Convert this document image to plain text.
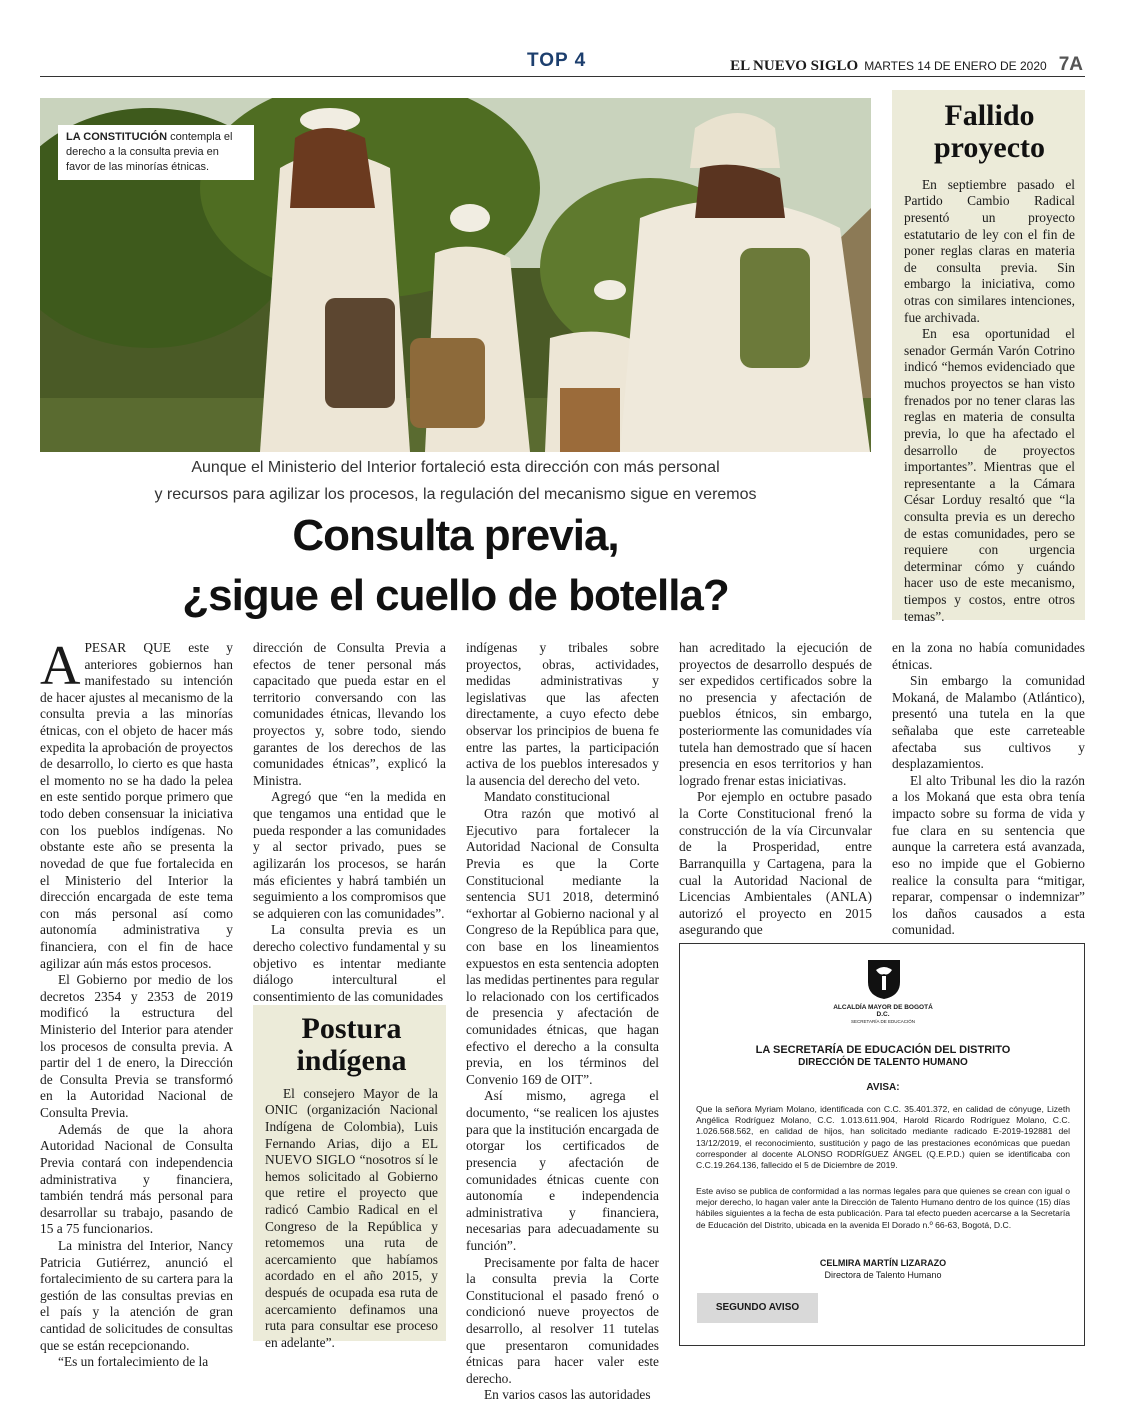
TOP 4	EL NUEVO SIGLO MARTES 14 DE ENERO DE 2020 7A
LA CONSTITUCIÓN contempla el derecho a la consulta previa en favor de las minorías étnicas.
Aunque el Ministerio del Interior fortaleció esta dirección con más personal
y recursos para agilizar los procesos, la regulación del mecanismo sigue en veremos
Consulta previa,
¿sigue el cuello de botella?
Fallido
proyecto

En septiembre pasado el Partido Cambio Radical presentó un proyecto estatutario de ley con el fin de poner reglas claras en materia de consulta previa. Sin embargo la iniciativa, como otras con similares intenciones, fue archivada.

En esa oportunidad el senador Germán Varón Cotrino indicó “hemos evidenciado que muchos proyectos se han visto frenados por no tener claras las reglas en materia de consulta previa, lo que ha afectado el desarrollo de proyectos importantes”. Mientras que el representante a la Cámara César Lorduy resaltó que “la consulta previa es un derecho de estas comunidades, pero se requiere con urgencia determinar cómo y cuándo hacer uso de este mecanismo, tiempos y costos, entre otros temas”.

APESAR QUE este y anteriores gobiernos han manifestado su intención de hacer ajustes al mecanismo de la consulta previa a las minorías étnicas, con el objeto de hacer más expedita la aprobación de proyectos de desarrollo, lo cierto es que hasta el momento no se ha dado la pelea en este sentido porque primero que todo deben consensuar la iniciativa con los pueblos indígenas. No obstante este año se presenta la novedad de que fue fortalecida en el Ministerio del Interior la dirección encargada de este tema con más personal así como autonomía administrativa y financiera, con el fin de hace agilizar aún más estos procesos.

El Gobierno por medio de los decretos 2354 y 2353 de 2019 modificó la estructura del Ministerio del Interior para atender los procesos de consulta previa. A partir del 1 de enero, la Dirección de Consulta Previa se transformó en la Autoridad Nacional de Consulta Previa.

Además de que la ahora Autoridad Nacional de Consulta Previa contará con independencia administrativa y financiera, también tendrá más personal para desarrollar su trabajo, pasando de 15 a 75 funcionarios.

La ministra del Interior, Nancy Patricia Gutiérrez, anunció el fortalecimiento de su cartera para la gestión de las consultas previas en el país y la atención de gran cantidad de solicitudes de consultas que se están recepcionando.

“Es un fortalecimiento de la

dirección de Consulta Previa a efectos de tener personal más capacitado que pueda estar en el territorio conversando con las comunidades étnicas, llevando los proyectos y, sobre todo, siendo garantes de los derechos de las comunidades étnicas”, explicó la Ministra.

Agregó que “en la medida en que tengamos una entidad que le pueda responder a las comunidades y al sector privado, pues se agilizarán los procesos, se harán más eficientes y habrá también un seguimiento a los compromisos que se adquieren con las comunidades”.

La consulta previa es un derecho colectivo fundamental y su objetivo es intentar mediante diálogo intercultural el consentimiento de las comunidades

Postura
indígena

El consejero Mayor de la ONIC (organización Nacional Indígena de Colombia), Luis Fernando Arias, dijo a EL NUEVO SIGLO “nosotros sí le hemos solicitado al Gobierno que retire el proyecto que radicó Cambio Radical en el Congreso de la República y retomemos una ruta de acercamiento que habíamos acordado en el año 2015, y después de ocupada esa ruta de acercamiento definamos una ruta para consultar ese proceso en adelante”.

indígenas y tribales sobre proyectos, obras, actividades, medidas administrativas y legislativas que las afecten directamente, a cuyo efecto debe observar los principios de buena fe entre las partes, la participación activa de los pueblos interesados y la ausencia del derecho del veto.

Mandato constitucional

Otra razón que motivó al Ejecutivo para fortalecer la Autoridad Nacional de Consulta Previa es que la Corte Constitucional mediante la sentencia SU1 2018, determinó “exhortar al Gobierno nacional y al Congreso de la República para que, con base en los lineamientos expuestos en esta sentencia adopten las medidas pertinentes para regular lo relacionado con los certificados de presencia y afectación de comunidades étnicas, que hagan efectivo el derecho a la consulta previa, en los términos del Convenio 169 de OIT”.

Así mismo, agrega el documento, “se realicen los ajustes para que la institución encargada de otorgar los certificados de presencia y afectación de comunidades étnicas cuente con autonomía e independencia administrativa y financiera, necesarias para adecuadamente su función”.

Precisamente por falta de hacer la consulta previa la Corte Constitucional el pasado frenó o condicionó nueve proyectos de desarrollo, al resolver 11 tutelas que presentaron comunidades étnicas para hacer valer este derecho.

En varios casos las autoridades

han acreditado la ejecución de proyectos de desarrollo después de ser expedidos certificados sobre la no presencia y afectación de pueblos étnicos, sin embargo, posteriormente las comunidades vía tutela han demostrado que sí hacen presencia en esos territorios y han logrado frenar estas iniciativas.

Por ejemplo en octubre pasado la Corte Constitucional frenó la construcción de la vía Circunvalar de la Prosperidad, entre Barranquilla y Cartagena, para la cual la Autoridad Nacional de Licencias Ambientales (ANLA) autorizó el proyecto en 2015 asegurando que

en la zona no había comunidades étnicas.

Sin embargo la comunidad Mokaná, de Malambo (Atlántico), presentó una tutela en la que señalaba que este carreteable afectaba sus cultivos y desplazamientos.

El alto Tribunal les dio la razón a los Mokaná que esta obra tenía impacto sobre su forma de vida y fue clara en su sentencia que aunque la carretera está avanzada, eso no impide que el Gobierno realice la consulta para “mitigar, reparar, compensar o indemnizar” los daños causados a esta comunidad.

ALCALDÍA MAYOR DE BOGOTÁ D.C.
SECRETARÍA DE EDUCACIÓN
LA SECRETARÍA DE EDUCACIÓN DEL DISTRITO
DIRECCIÓN DE TALENTO HUMANO
AVISA:
Que la señora Myriam Molano, identificada con C.C. 35.401.372, en calidad de cónyuge, Lizeth Angélica Rodríguez Molano, C.C. 1.013.611.904, Harold Ricardo Rodríguez Molano, C.C. 1.026.568.562, en calidad de hijos, han solicitado mediante radicado E-2019-192881 del 13/12/2019, el reconocimiento, sustitución y pago de las prestaciones económicas que puedan corresponder al docente ALONSO RODRÍGUEZ ÁNGEL (Q.E.P.D.) quien se identificaba con C.C.19.264.136, fallecido el 5 de Diciembre de 2019.
Este aviso se publica de conformidad a las normas legales para que quienes se crean con igual o mejor derecho, lo hagan valer ante la Dirección de Talento Humano dentro de los quince (15) días hábiles siguientes a la fecha de esta publicación. Para tal efecto pueden acercarse a la Secretaría de Educación del Distrito, ubicada en la avenida El Dorado n.º 66-63, Bogotá, D.C.
CELMIRA MARTÍN LIZARAZO
Directora de Talento Humano
SEGUNDO AVISO
